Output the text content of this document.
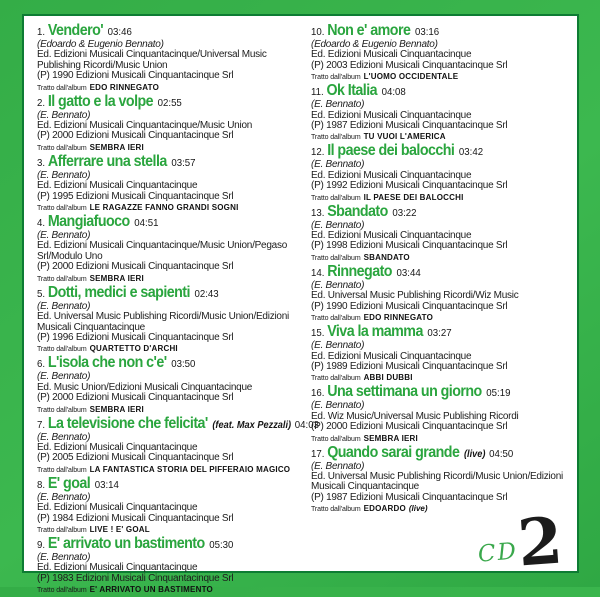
1. Vendero' 03:46
(Edoardo & Eugenio Bennato)
Ed. Edizioni Musicali Cinquantacinque/Universal Music Publishing Ricordi/Music Union
(P) 1990 Edizioni Musicali Cinquantacinque Srl
Tratto dall'album EDO RINNEGATO
2. Il gatto e la volpe 02:55
(E. Bennato)
Ed. Edizioni Musicali Cinquantacinque/Music Union
(P) 2000 Edizioni Musicali Cinquantacinque Srl
Tratto dall'album SEMBRA IERI
3. Afferrare una stella 03:57
(E. Bennato)
Ed. Edizioni Musicali Cinquantacinque
(P) 1995 Edizioni Musicali Cinquantacinque Srl
Tratto dall'album LE RAGAZZE FANNO GRANDI SOGNI
4. Mangiafuoco 04:51
(E. Bennato)
Ed. Edizioni Musicali Cinquantacinque/Music Union/Pegaso Srl/Modulo Uno
(P) 2000 Edizioni Musicali Cinquantacinque Srl
Tratto dall'album SEMBRA IERI
5. Dotti, medici e sapienti 02:43
(E. Bennato)
Ed. Universal Music Publishing Ricordi/Music Union/Edizioni Musicali Cinquantacinque
(P) 1996 Edizioni Musicali Cinquantacinque Srl
Tratto dall'album QUARTETTO D'ARCHI
6. L'isola che non c'e' 03:50
(E. Bennato)
Ed. Music Union/Edizioni Musicali Cinquantacinque
(P) 2000 Edizioni Musicali Cinquantacinque Srl
Tratto dall'album SEMBRA IERI
7. La televisione che felicita' (feat. Max Pezzali) 04:03
(E. Bennato)
Ed. Edizioni Musicali Cinquantacinque
(P) 2005 Edizioni Musicali Cinquantacinque Srl
Tratto dall'album LA FANTASTICA STORIA DEL PIFFERAIO MAGICO
8. E' goal 03:14
(E. Bennato)
Ed. Edizioni Musicali Cinquantacinque
(P) 1984 Edizioni Musicali Cinquantacinque Srl
Tratto dall'album LIVE ! E' GOAL
9. E' arrivato un bastimento 05:30
(E. Bennato)
Ed. Edizioni Musicali Cinquantacinque
(P) 1983 Edizioni Musicali Cinquantacinque Srl
Tratto dall'album E' ARRIVATO UN BASTIMENTO
10. Non e' amore 03:16
(Edoardo & Eugenio Bennato)
Ed. Edizioni Musicali Cinquantacinque
(P) 2003 Edizioni Musicali Cinquantacinque Srl
Tratto dall'album L'UOMO OCCIDENTALE
11. Ok Italia 04:08
(E. Bennato)
Ed. Edizioni Musicali Cinquantacinque
(P) 1987 Edizioni Musicali Cinquantacinque Srl
Tratto dall'album TU VUOI L'AMERICA
12. Il paese dei balocchi 03:42
(E. Bennato)
Ed. Edizioni Musicali Cinquantacinque
(P) 1992 Edizioni Musicali Cinquantacinque Srl
Tratto dall'album IL PAESE DEI BALOCCHI
13. Sbandato 03:22
(E. Bennato)
Ed. Edizioni Musicali Cinquantacinque
(P) 1998 Edizioni Musicali Cinquantacinque Srl
Tratto dall'album SBANDATO
14. Rinnegato 03:44
(E. Bennato)
Ed. Universal Music Publishing Ricordi/Wiz Music
(P) 1990 Edizioni Musicali Cinquantacinque Srl
Tratto dall'album EDO RINNEGATO
15. Viva la mamma 03:27
(E. Bennato)
Ed. Edizioni Musicali Cinquantacinque
(P) 1989 Edizioni Musicali Cinquantacinque Srl
Tratto dall'album ABBI DUBBI
16. Una settimana un giorno 05:19
(E. Bennato)
Ed. Wiz Music/Universal Music Publishing Ricordi
(P) 2000 Edizioni Musicali Cinquantacinque Srl
Tratto dall'album SEMBRA IERI
17. Quando sarai grande (live) 04:50
(E. Bennato)
Ed. Universal Music Publishing Ricordi/Music Union/Edizioni Musicali Cinquantacinque
(P) 1987 Edizioni Musicali Cinquantacinque Srl
Tratto dall'album EDOARDO (live)
CD
2
